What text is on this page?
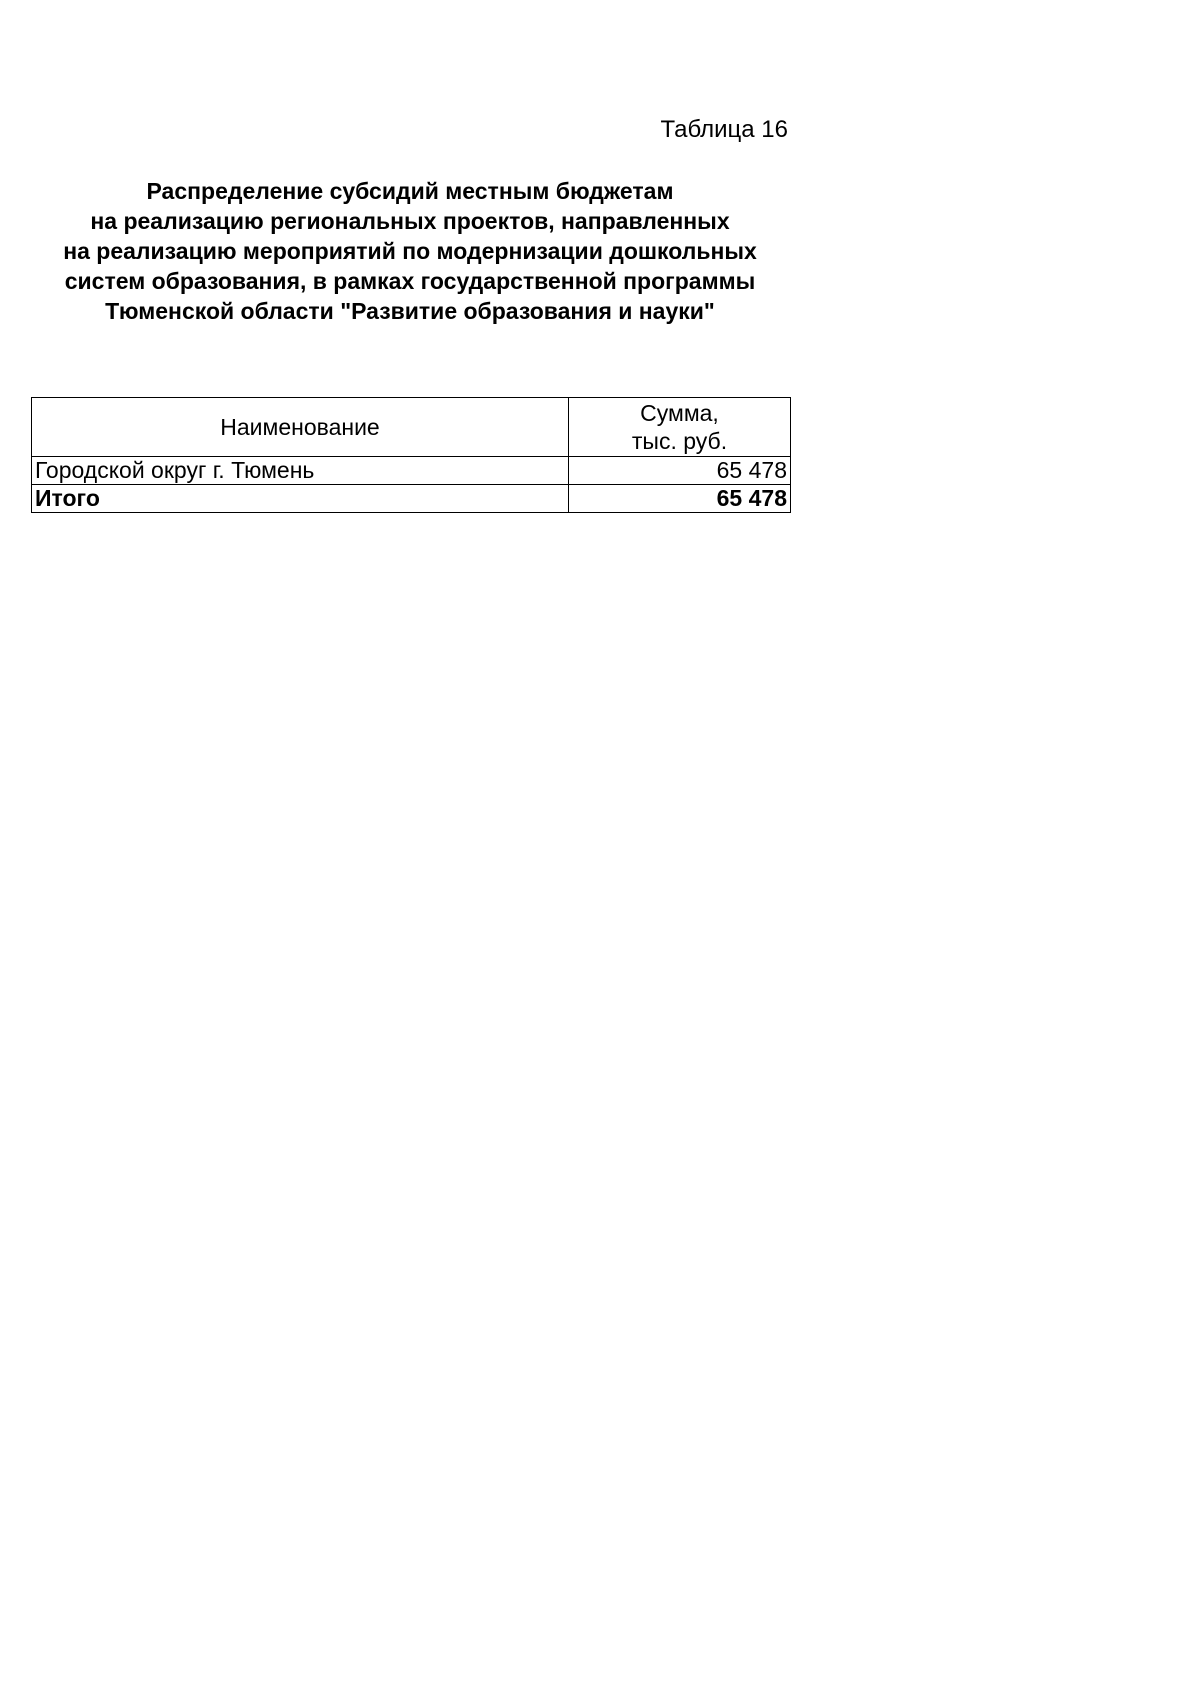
Таблица 16
Распределение субсидий местным бюджетам
на реализацию региональных проектов, направленных
на реализацию мероприятий по модернизации дошкольных
систем образования, в рамках государственной программы
Тюменской области "Развитие образования и науки"
Наименование	Сумма,
тыс. руб.

Городской округ г. Тюмень	65 478
Итого	65 478
